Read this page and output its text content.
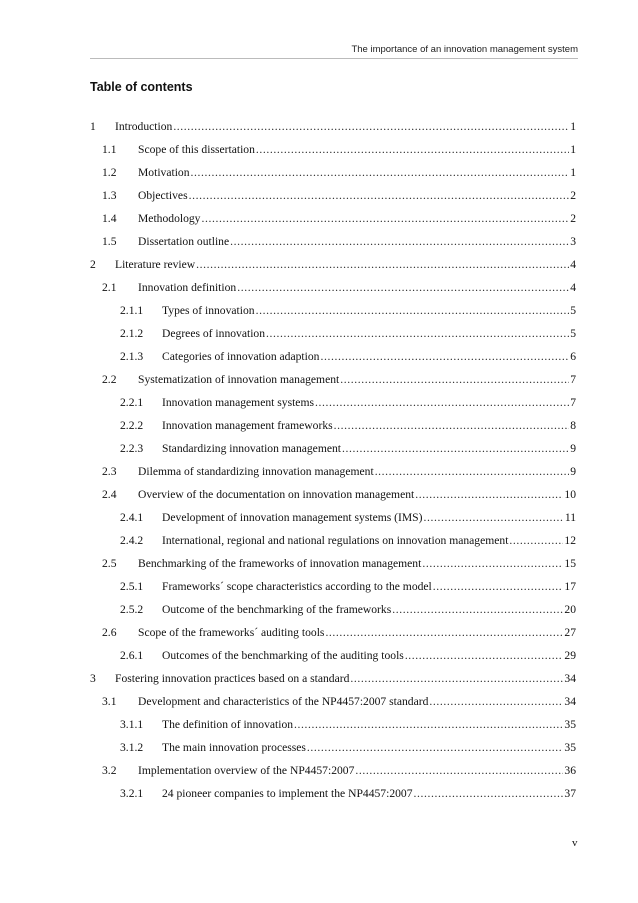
The importance of an innovation management system
Table of contents
1	Introduction .....	1
1.1	Scope of this dissertation .....	1
1.2	Motivation .....	1
1.3	Objectives .....	2
1.4	Methodology .....	2
1.5	Dissertation outline .....	3
2	Literature review .....	4
2.1	Innovation definition .....	4
2.1.1	Types of innovation .....	5
2.1.2	Degrees of innovation .....	5
2.1.3	Categories of innovation adaption .....	6
2.2	Systematization of innovation management .....	7
2.2.1	Innovation management systems .....	7
2.2.2	Innovation management frameworks .....	8
2.2.3	Standardizing innovation management .....	9
2.3	Dilemma of standardizing innovation management .....	9
2.4	Overview of the documentation on innovation management .....	10
2.4.1	Development of innovation management systems (IMS) .....	11
2.4.2	International, regional and national regulations on innovation management .....	12
2.5	Benchmarking of the frameworks of innovation management .....	15
2.5.1	Frameworks´ scope characteristics according to the model .....	17
2.5.2	Outcome of the benchmarking of the frameworks .....	20
2.6	Scope of the frameworks´ auditing tools .....	27
2.6.1	Outcomes of the benchmarking of the auditing tools .....	29
3	Fostering innovation practices based on a standard .....	34
3.1	Development and characteristics of the NP4457:2007 standard .....	34
3.1.1	The definition of innovation .....	35
3.1.2	The main innovation processes .....	35
3.2	Implementation overview of the NP4457:2007 .....	36
3.2.1	24 pioneer companies to implement the NP4457:2007 .....	37
v
